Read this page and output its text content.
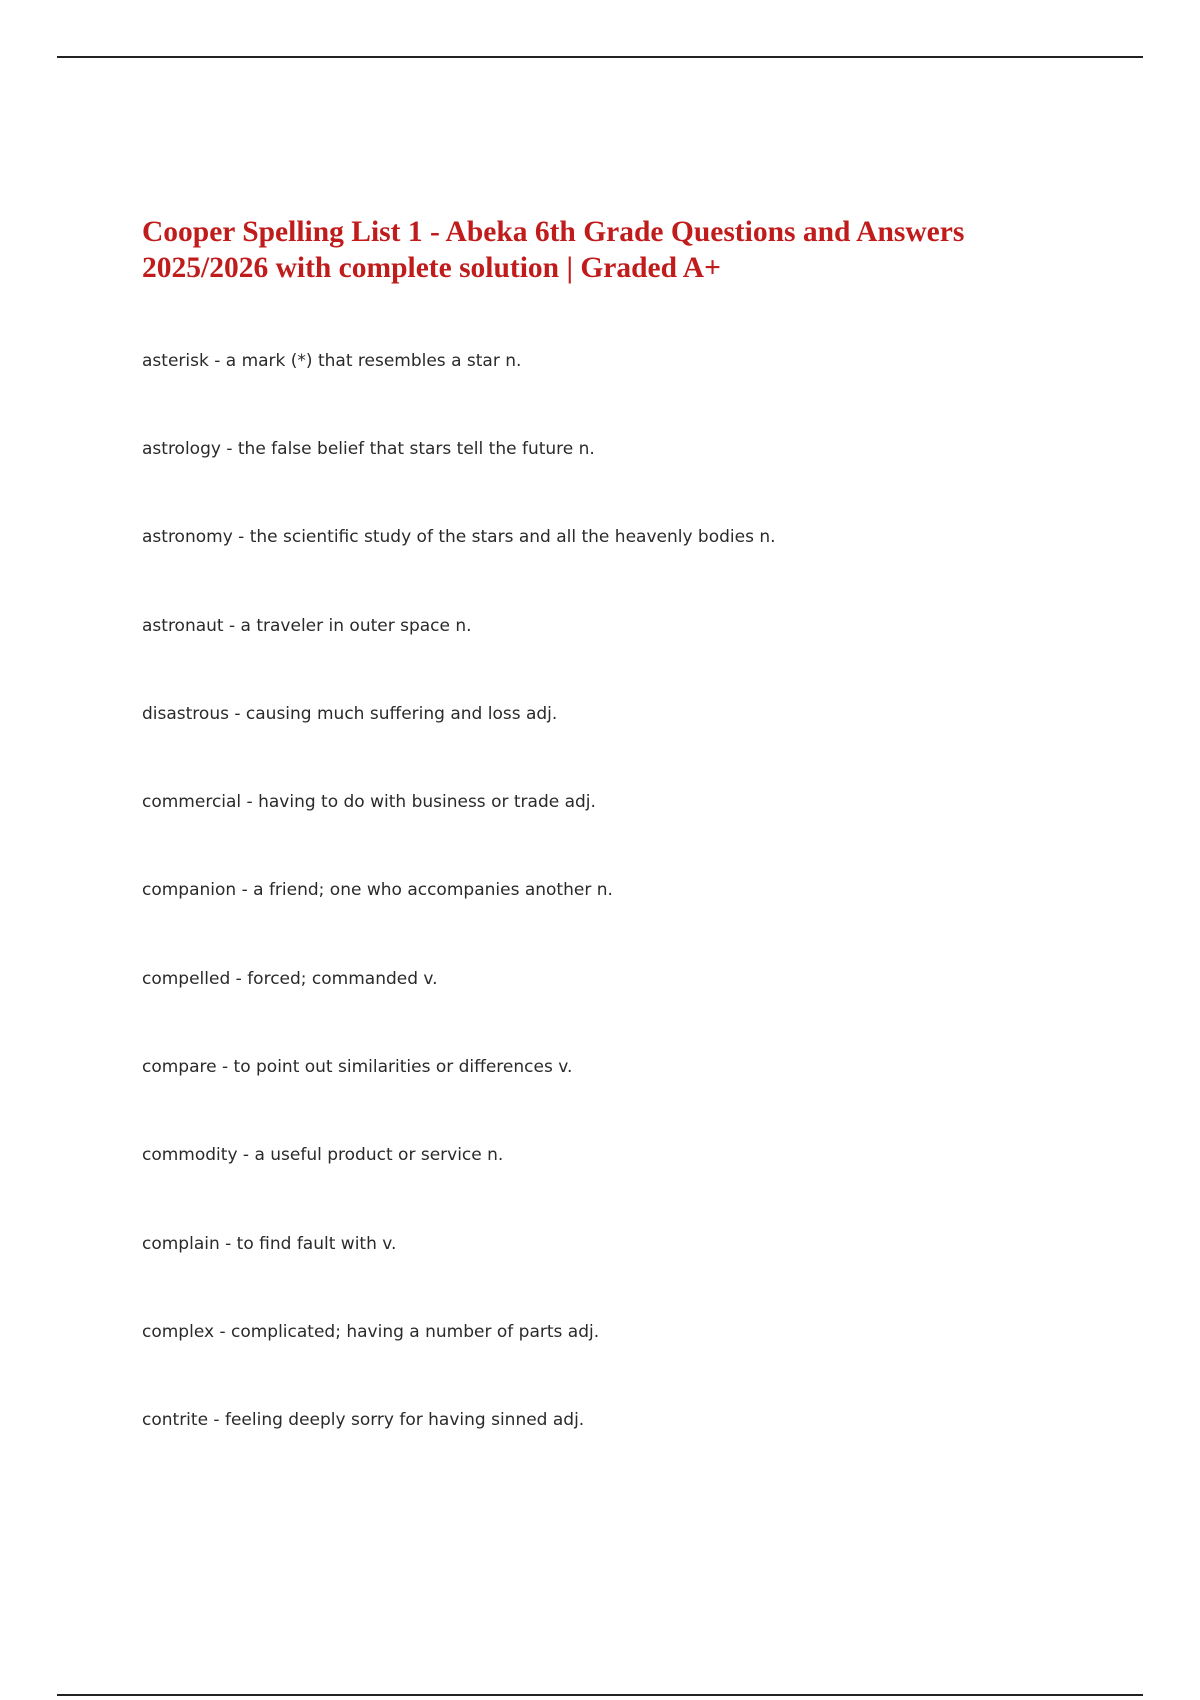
Cooper Spelling List 1 - Abeka 6th Grade Questions and Answers 2025/2026 with complete solution | Graded A+

asterisk - a mark (*) that resembles a star n.

astrology - the false belief that stars tell the future n.

astronomy - the scientific study of the stars and all the heavenly bodies n.

astronaut - a traveler in outer space n.

disastrous - causing much suffering and loss adj.

commercial - having to do with business or trade adj.

companion - a friend; one who accompanies another n.

compelled - forced; commanded v.

compare - to point out similarities or differences v.

commodity - a useful product or service n.

complain - to find fault with v.

complex - complicated; having a number of parts adj.

contrite - feeling deeply sorry for having sinned adj.
